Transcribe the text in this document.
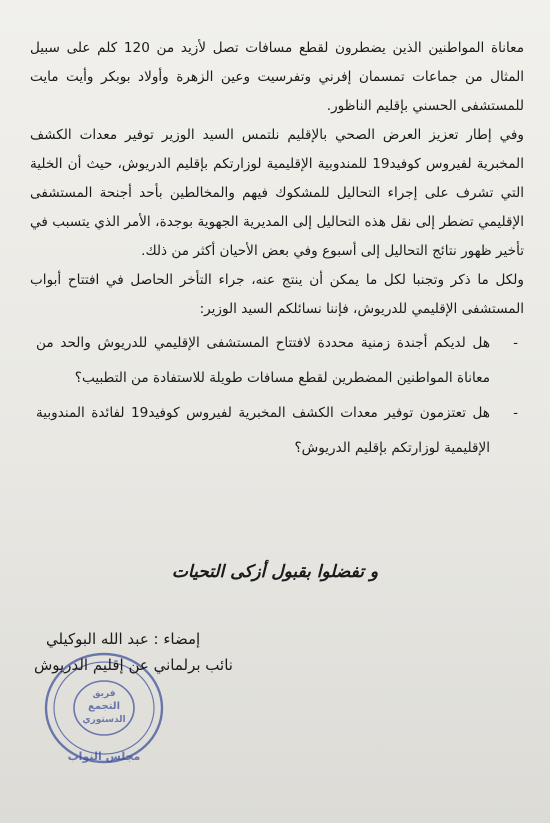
معاناة المواطنين الذين يضطرون لقطع مسافات تصل لأزيد من 120 كلم على سبيل المثال من جماعات تمسمان إفرني وتفرسيت وعين الزهرة وأولاد بوبكر وأيت مايت للمستشفى الحسني بإقليم الناظور.

وفي إطار تعزيز العرض الصحي بالإقليم نلتمس السيد الوزير توفير معدات الكشف المخبرية لفيروس كوفيد19 للمندوبية الإقليمية لوزارتكم بإقليم الدريوش، حيث أن الخلية التي تشرف على إجراء التحاليل للمشكوك فيهم والمخالطين بأحد أجنحة المستشفى الإقليمي تضطر إلى نقل هذه التحاليل إلى المديرية الجهوية بوجدة، الأمر الذي يتسبب في تأخير ظهور نتائج التحاليل إلى أسبوع وفي بعض الأحيان أكثر من ذلك.

ولكل ما ذكر وتجنبا لكل ما يمكن أن ينتج عنه، جراء التأخر الحاصل في افتتاح أبواب المستشفى الإقليمي للدريوش، فإننا نسائلكم السيد الوزير:

-
هل لديكم أجندة زمنية محددة لافتتاح المستشفى الإقليمي للدريوش والحد من معاناة المواطنين المضطرين لقطع مسافات طويلة للاستفادة من التطبيب؟
-
هل تعتزمون توفير معدات الكشف المخبرية لفيروس كوفيد19 لفائدة المندوبية الإقليمية لوزارتكم بإقليم الدريوش؟
و تفضلوا بقبول أزكى التحيات
مجلس النواب
فريق
التجمع
الدستوري
إمضاء : عبد الله البوكيلي
نائب برلماني عن إقليم الدريوش
